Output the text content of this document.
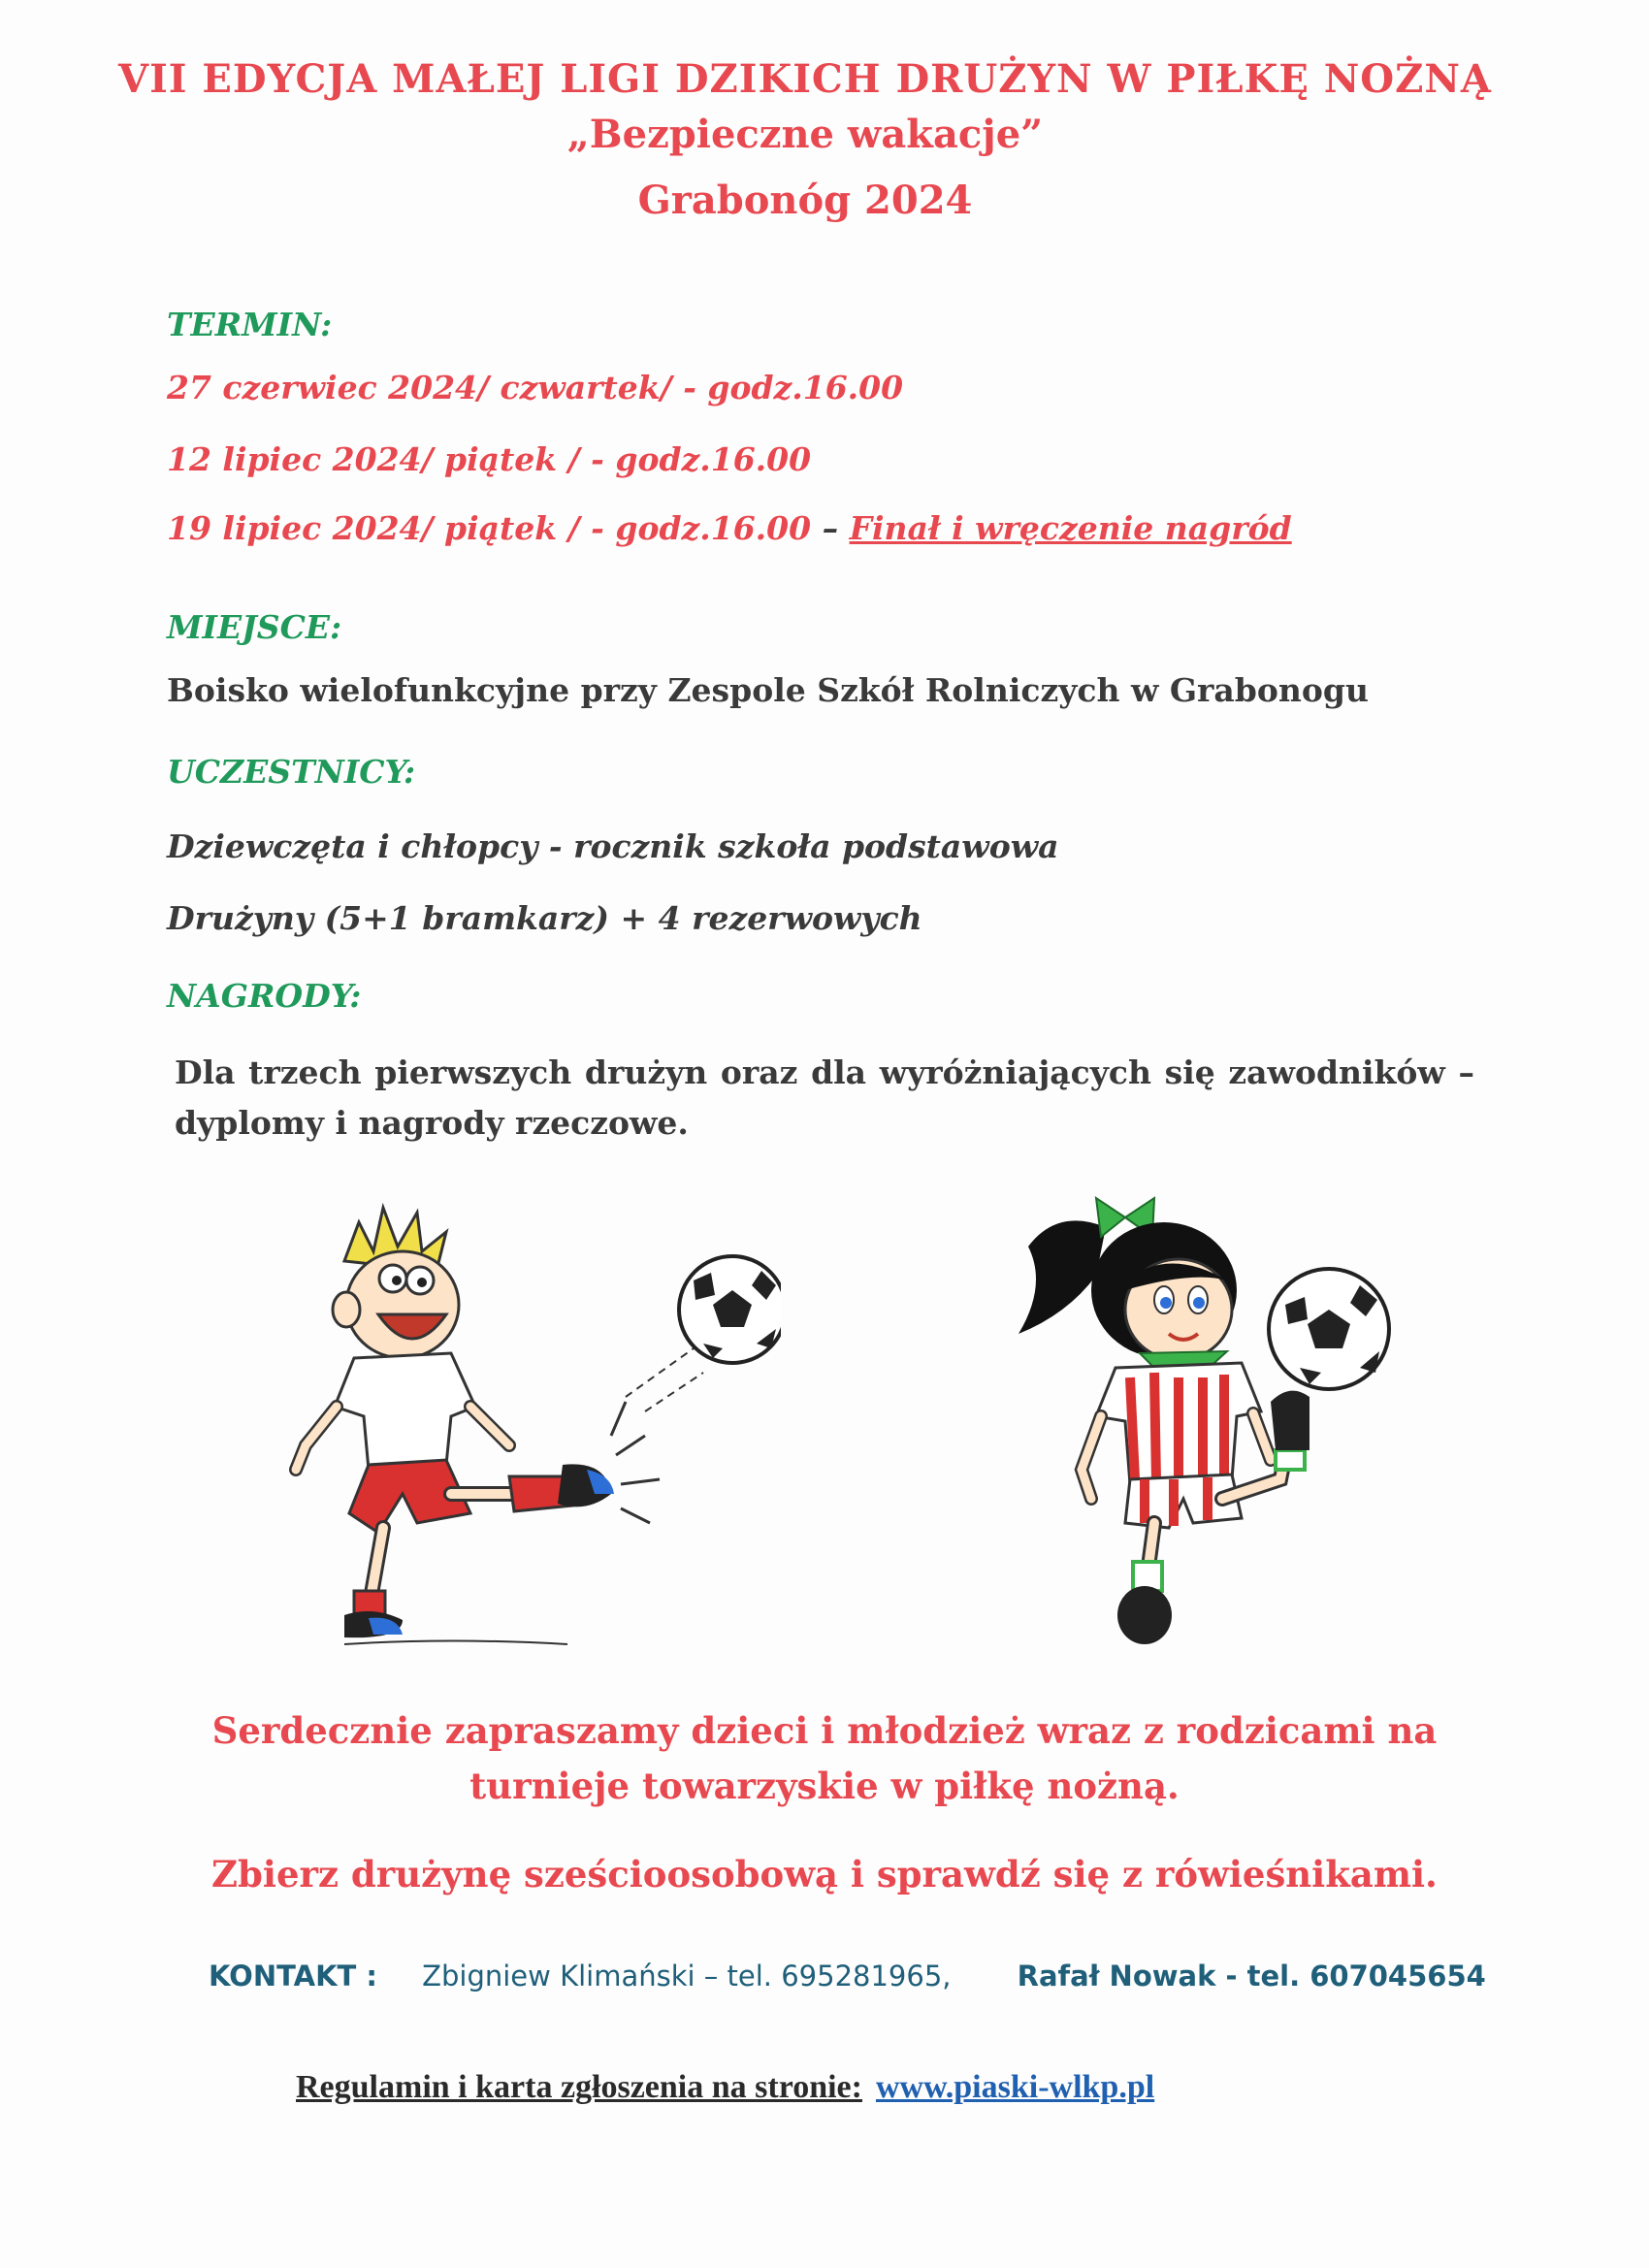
VII EDYCJA MAŁEJ LIGI DZIKICH DRUŻYN W PIŁKĘ NOŻNĄ
„Bezpieczne wakacje”
Grabonóg 2024
TERMIN:
27 czerwiec 2024/ czwartek/ - godz.16.00
12 lipiec 2024/ piątek / - godz.16.00
19 lipiec 2024/ piątek / - godz.16.00 – Finał i wręczenie nagród
MIEJSCE:
Boisko wielofunkcyjne przy Zespole Szkół Rolniczych w Grabonogu
UCZESTNICY:
Dziewczęta i chłopcy - rocznik szkoła podstawowa
Drużyny (5+1 bramkarz) + 4 rezerwowych
NAGRODY:
Dla trzech pierwszych drużyn oraz dla wyróżniających się zawodników – dyplomy i nagrody rzeczowe.
Serdecznie zapraszamy dzieci i młodzież wraz z rodzicami na
turnieje towarzyskie w piłkę nożną.
Zbierz drużynę sześcioosobową i sprawdź się z rówieśnikami.
KONTAKT : Zbigniew Klimański – tel. 695281965, Rafał Nowak - tel. 607045654
Regulamin i karta zgłoszenia na stronie: www.piaski-wlkp.pl
